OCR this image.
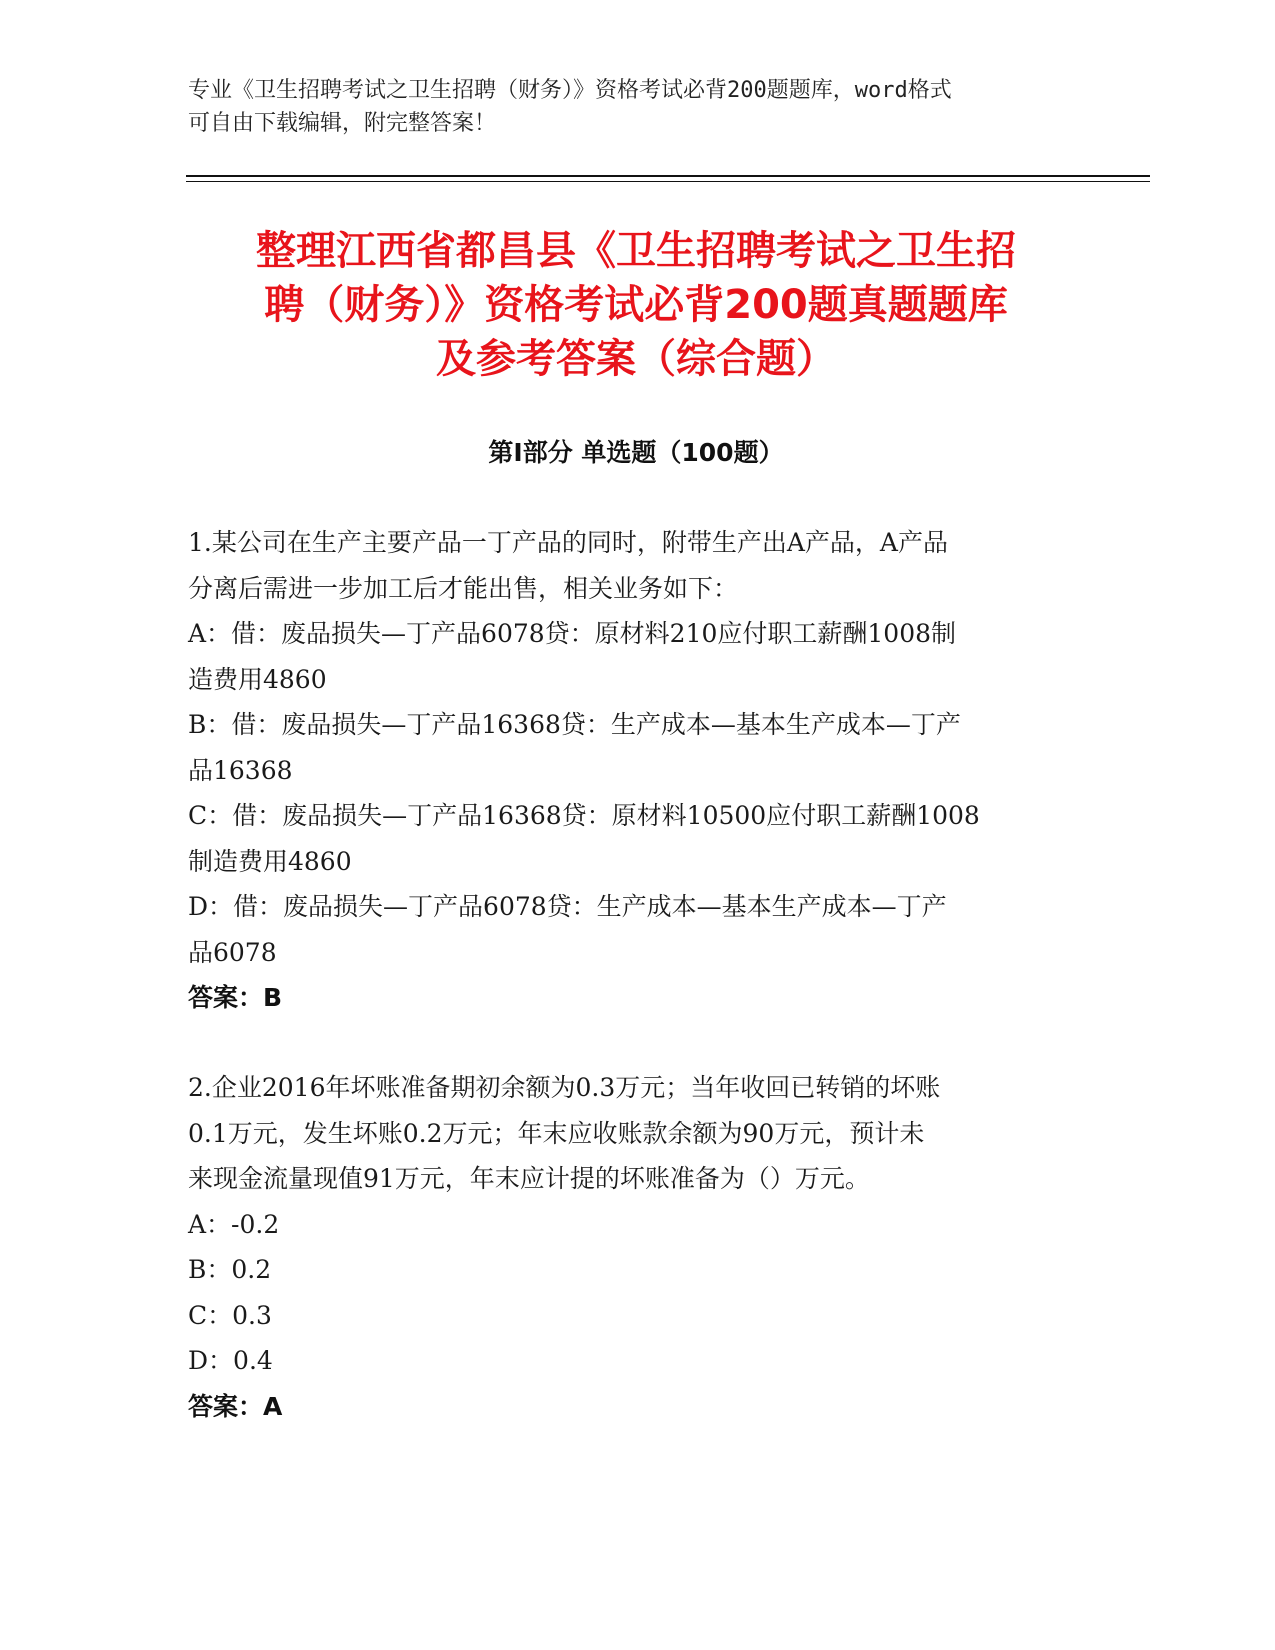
专业《卫生招聘考试之卫生招聘（财务）》资格考试必背200题题库，word格式
可自由下载编辑，附完整答案！
整理江西省都昌县《卫生招聘考试之卫生招
聘（财务）》资格考试必背200题真题题库
及参考答案（综合题）
第Ⅰ部分 单选题（100题）
1.某公司在生产主要产品一丁产品的同时，附带生产出A产品，A产品
分离后需进一步加工后才能出售，相关业务如下：
A：借：废品损失—丁产品6078贷：原材料210应付职工薪酬1008制
造费用4860
B：借：废品损失—丁产品16368贷：生产成本—基本生产成本—丁产
品16368
C：借：废品损失—丁产品16368贷：原材料10500应付职工薪酬1008
制造费用4860
D：借：废品损失—丁产品6078贷：生产成本—基本生产成本—丁产
品6078
答案：B
2.企业2016年坏账准备期初余额为0.3万元；当年收回已转销的坏账
0.1万元，发生坏账0.2万元；年末应收账款余额为90万元，预计未
来现金流量现值91万元，年末应计提的坏账准备为（）万元。
A：-0.2
B：0.2
C：0.3
D：0.4
答案：A
